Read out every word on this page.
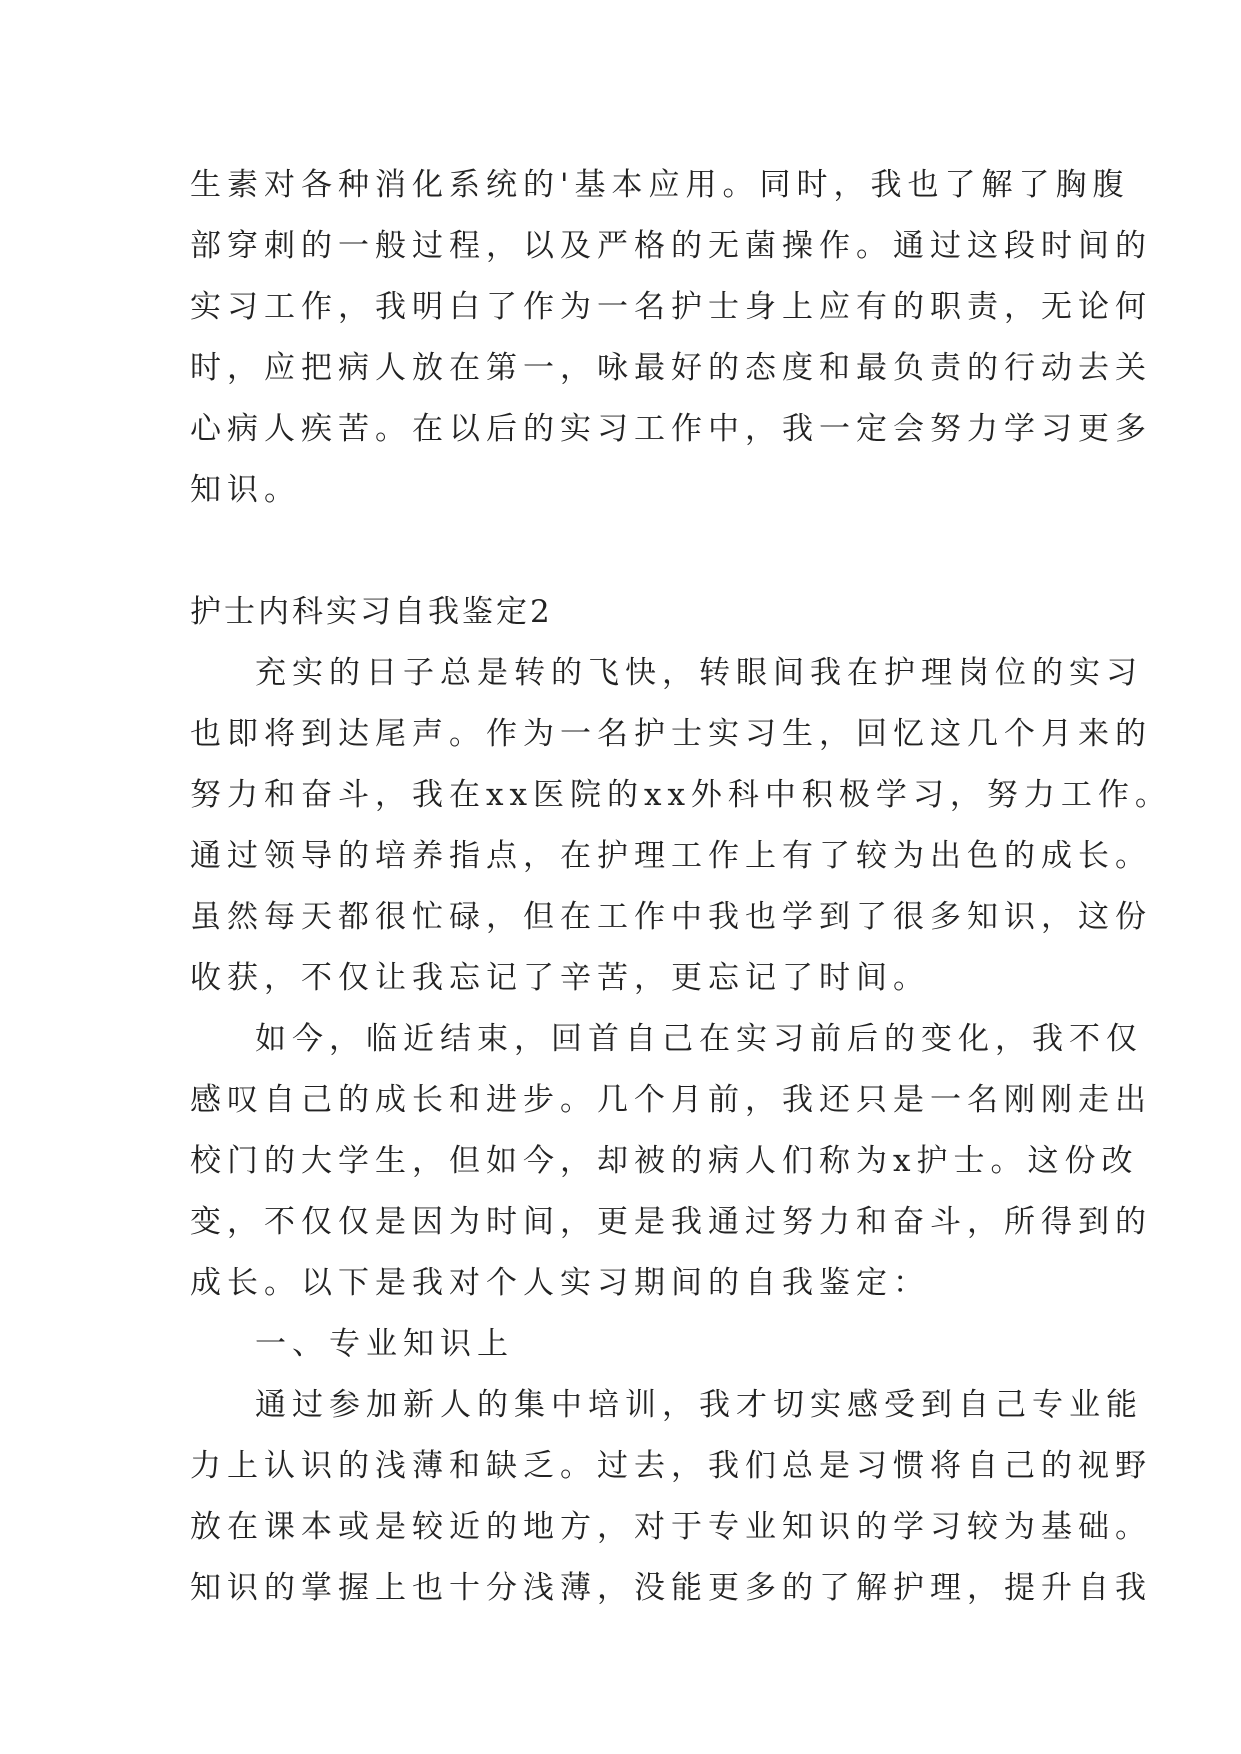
生素对各种消化系统的'基本应用。同时，我也了解了胸腹
部穿刺的一般过程，以及严格的无菌操作。通过这段时间的
实习工作，我明白了作为一名护士身上应有的职责，无论何
时，应把病人放在第一，咏最好的态度和最负责的行动去关
心病人疾苦。在以后的实习工作中，我一定会努力学习更多
知识。
护士内科实习自我鉴定2
充实的日子总是转的飞快，转眼间我在护理岗位的实习
也即将到达尾声。作为一名护士实习生，回忆这几个月来的
努力和奋斗，我在xx医院的xx外科中积极学习，努力工作。
通过领导的培养指点，在护理工作上有了较为出色的成长。
虽然每天都很忙碌，但在工作中我也学到了很多知识，这份
收获，不仅让我忘记了辛苦，更忘记了时间。
如今，临近结束，回首自己在实习前后的变化，我不仅
感叹自己的成长和进步。几个月前，我还只是一名刚刚走出
校门的大学生，但如今，却被的病人们称为x护士。这份改
变，不仅仅是因为时间，更是我通过努力和奋斗，所得到的
成长。以下是我对个人实习期间的自我鉴定：
一、专业知识上
通过参加新人的集中培训，我才切实感受到自己专业能
力上认识的浅薄和缺乏。过去，我们总是习惯将自己的视野
放在课本或是较近的地方，对于专业知识的学习较为基础。
知识的掌握上也十分浅薄，没能更多的了解护理，提升自我
